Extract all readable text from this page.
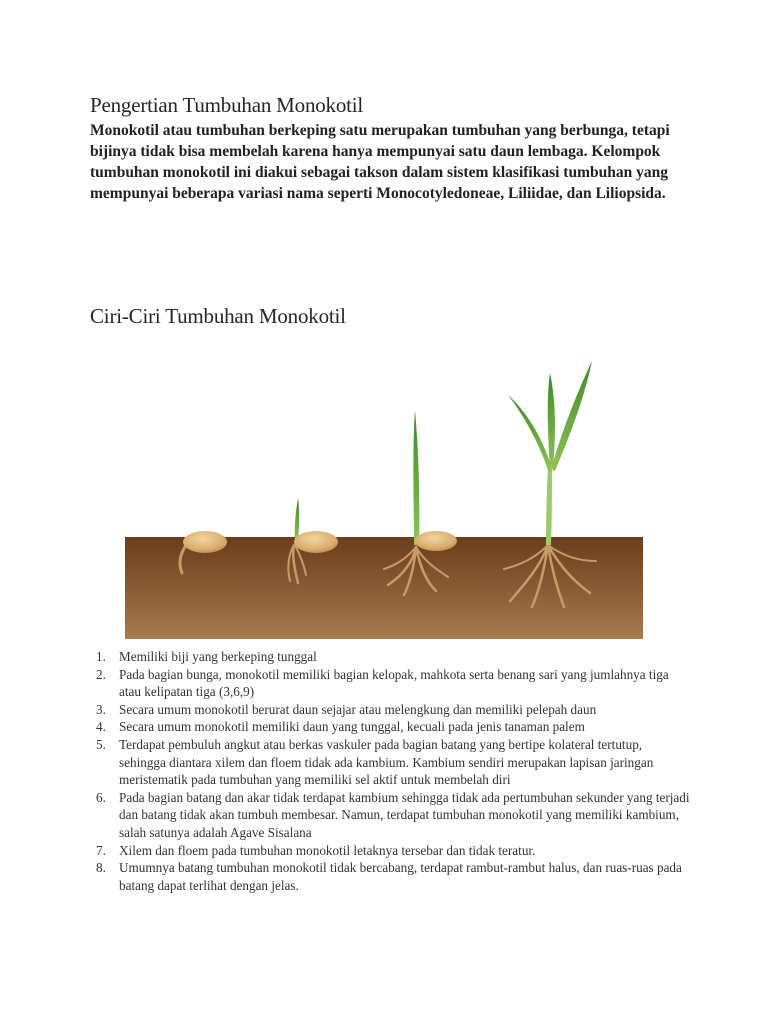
Pengertian Tumbuhan Monokotil

Monokotil atau tumbuhan berkeping satu merupakan tumbuhan yang berbunga, tetapi bijinya tidak bisa membelah karena hanya mempunyai satu daun lembaga. Kelompok tumbuhan monokotil ini diakui sebagai takson dalam sistem klasifikasi tumbuhan yang mempunyai beberapa variasi nama seperti Monocotyledoneae, Liliidae, dan Liliopsida.

Ciri-Ciri Tumbuhan Monokotil
1. Memiliki biji yang berkeping tunggal
2. Pada bagian bunga, monokotil memiliki bagian kelopak, mahkota serta benang sari yang jumlahnya tiga atau kelipatan tiga (3,6,9)
3. Secara umum monokotil berurat daun sejajar atau melengkung dan memiliki pelepah daun
4. Secara umum monokotil memiliki daun yang tunggal, kecuali pada jenis tanaman palem
5. Terdapat pembuluh angkut atau berkas vaskuler pada bagian batang yang bertipe kolateral tertutup, sehingga diantara xilem dan floem tidak ada kambium. Kambium sendiri merupakan lapisan jaringan meristematik pada tumbuhan yang memiliki sel aktif untuk membelah diri
6. Pada bagian batang dan akar tidak terdapat kambium sehingga tidak ada pertumbuhan sekunder yang terjadi dan batang tidak akan tumbuh membesar. Namun, terdapat tumbuhan monokotil yang memiliki kambium, salah satunya adalah Agave Sisalana
7. Xilem dan floem pada tumbuhan monokotil letaknya tersebar dan tidak teratur.
8. Umumnya batang tumbuhan monokotil tidak bercabang, terdapat rambut-rambut halus, dan ruas-ruas pada batang dapat terlihat dengan jelas.
